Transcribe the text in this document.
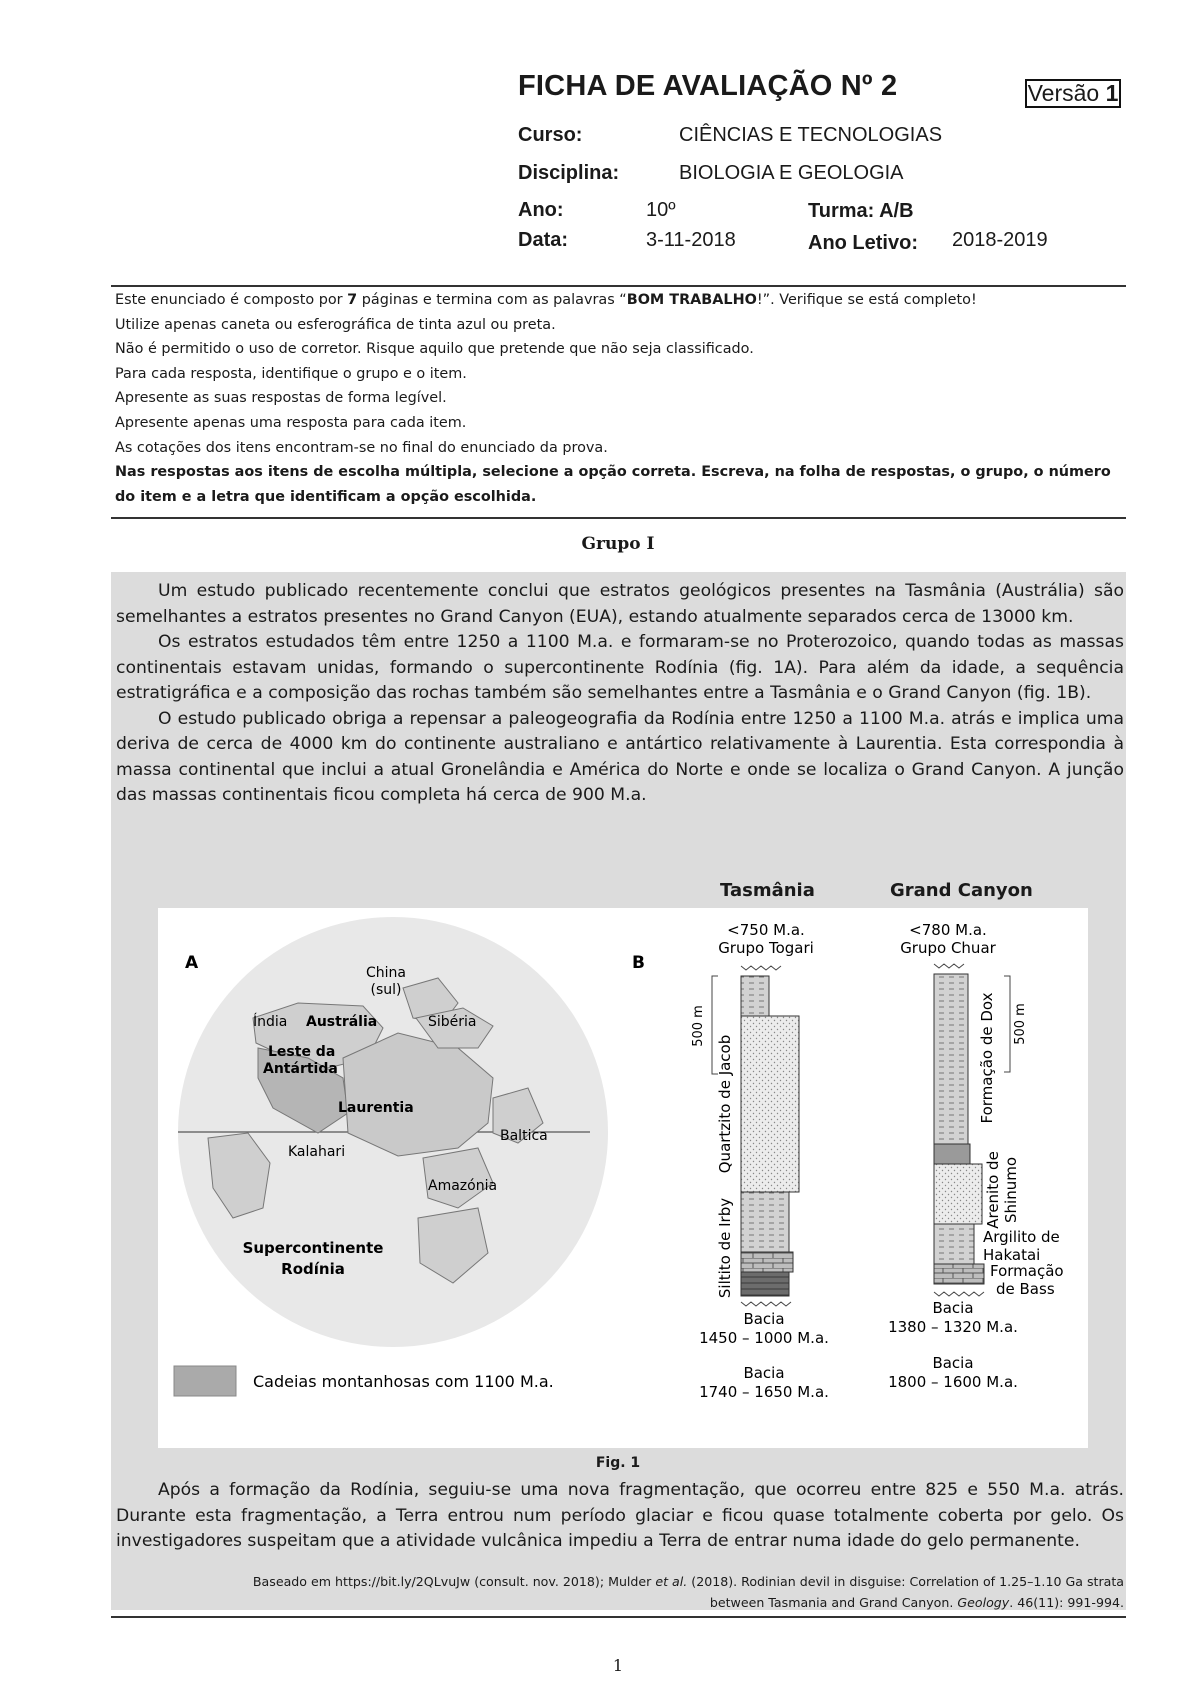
FICHA DE AVALIAÇÃO Nº 2	Versão 1
Curso:	CIÊNCIAS E TECNOLOGIAS
Disciplina:	BIOLOGIA E GEOLOGIA
Ano:	10º	Turma: A/B
Data:	3-11-2018	Ano Letivo: 2018-2019

Este enunciado é composto por 7 páginas e termina com as palavras “BOM TRABALHO!”. Verifique se está completo!

Utilize apenas caneta ou esferográfica de tinta azul ou preta.

Não é permitido o uso de corretor. Risque aquilo que pretende que não seja classificado.

Para cada resposta, identifique o grupo e o item.

Apresente as suas respostas de forma legível.

Apresente apenas uma resposta para cada item.

As cotações dos itens encontram-se no final do enunciado da prova.

Nas respostas aos itens de escolha múltipla, selecione a opção correta. Escreva, na folha de respostas, o grupo, o número do item e a letra que identificam a opção escolhida.

Grupo I

Um estudo publicado recentemente conclui que estratos geológicos presentes na Tasmânia (Austrália) são semelhantes a estratos presentes no Grand Canyon (EUA), estando atualmente separados cerca de 13000 km.

Os estratos estudados têm entre 1250 a 1100 M.a. e formaram-se no Proterozoico, quando todas as massas continentais estavam unidas, formando o supercontinente Rodínia (fig. 1A). Para além da idade, a sequência estratigráfica e a composição das rochas também são semelhantes entre a Tasmânia e o Grand Canyon (fig. 1B).

O estudo publicado obriga a repensar a paleogeografia da Rodínia entre 1250 a 1100 M.a. atrás e implica uma deriva de cerca de 4000 km do continente australiano e antártico relativamente à Laurentia. Esta correspondia à massa continental que inclui a atual Gronelândia e América do Norte e onde se localiza o Grand Canyon. A junção das massas continentais ficou completa há cerca de 900 M.a.

Tasmânia	Grand Canyon
A	China
(sul)
Índia Austrália	Sibéria
Leste da
Antártida
Laurentia
Baltica
Kalahari
Amazónia
Supercontinente
Rodínia
Cadeias montanhosas com 1100 M.a.
B
<750 M.a.
Grupo Togari
500 m
Quartzito de Jacob
Siltito de Irby
Bacia
1450 – 1000 M.a.
Bacia
1740 – 1650 M.a.
<780 M.a.
Grupo Chuar
500 m
Formação de Dox
Arenito de Shinumo
Argilito de
Hakatai
Formação
de Bass
Bacia
1380 – 1320 M.a.
Bacia
1800 – 1600 M.a.
Fig. 1

Após a formação da Rodínia, seguiu-se uma nova fragmentação, que ocorreu entre 825 e 550 M.a. atrás. Durante esta fragmentação, a Terra entrou num período glaciar e ficou quase totalmente coberta por gelo. Os investigadores suspeitam que a atividade vulcânica impediu a Terra de entrar numa idade do gelo permanente.

Baseado em https://bit.ly/2QLvuJw (consult. nov. 2018); Mulder et al. (2018). Rodinian devil in disguise: Correlation of 1.25–1.10 Ga strata
between Tasmania and Grand Canyon. Geology. 46(11): 991-994.
1
